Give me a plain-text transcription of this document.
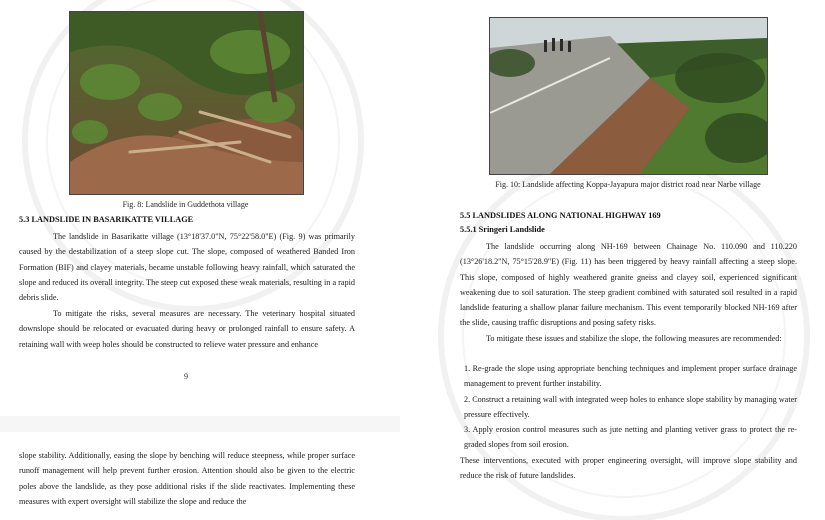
Fig. 8: Landslide in Guddethota village
5.3 LANDSLIDE IN BASARIKATTE VILLAGE

The landslide in Basarikatte village (13°18'37.0"N, 75°22'58.0"E) (Fig. 9) was primarily caused by the destabilization of a steep slope cut. The slope, composed of weathered Banded Iron Formation (BIF) and clayey materials, became unstable following heavy rainfall, which saturated the slope and reduced its overall integrity. The steep cut exposed these weak materials, resulting in a rapid debris slide.

To mitigate the risks, several measures are necessary. The veterinary hospital situated downslope should be relocated or evacuated during heavy or prolonged rainfall to ensure safety. A retaining wall with weep holes should be constructed to relieve water pressure and enhance

9

slope stability. Additionally, easing the slope by benching will reduce steepness, while proper surface runoff management will help prevent further erosion. Attention should also be given to the electric poles above the landslide, as they pose additional risks if the slide reactivates. Implementing these measures with expert oversight will stabilize the slope and reduce the

Fig. 10: Landslide affecting Koppa-Jayapura major district road near Narbe village
5.5 LANDSLIDES ALONG NATIONAL HIGHWAY 169
5.5.1 Sringeri Landslide

The landslide occurring along NH-169 between Chainage No. 110.090 and 110.220 (13°26'18.2"N, 75°15'28.9"E) (Fig. 11) has been triggered by heavy rainfall affecting a steep slope. This slope, composed of highly weathered granite gneiss and clayey soil, experienced significant weakening due to soil saturation. The steep gradient combined with saturated soil resulted in a rapid landslide featuring a shallow planar failure mechanism. This event temporarily blocked NH-169 after the slide, causing traffic disruptions and posing safety risks.

To mitigate these issues and stabilize the slope, the following measures are recommended:

1. Re-grade the slope using appropriate benching techniques and implement proper surface drainage management to prevent further instability.
2. Construct a retaining wall with integrated weep holes to enhance slope stability by managing water pressure effectively.
3. Apply erosion control measures such as jute netting and planting vetiver grass to protect the re-graded slopes from soil erosion.

These interventions, executed with proper engineering oversight, will improve slope stability and reduce the risk of future landslides.
